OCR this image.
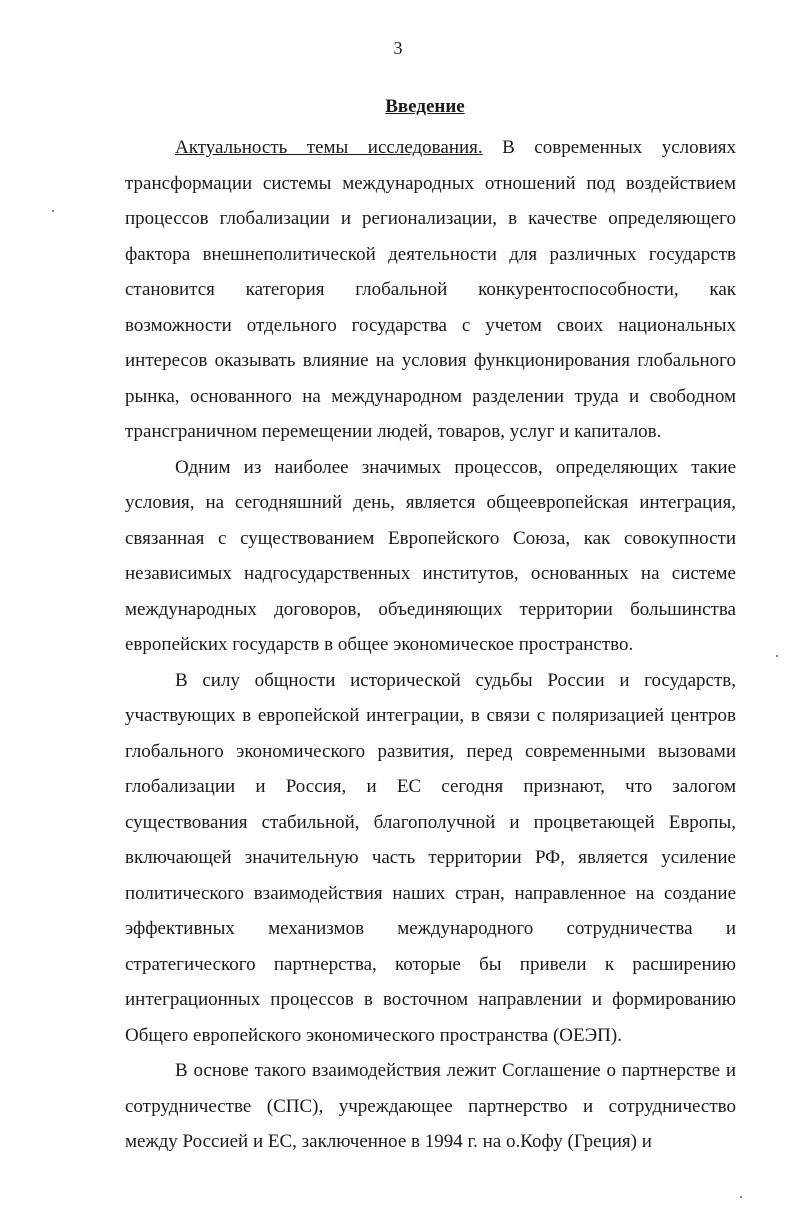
3
Введение

Актуальность темы исследования. В современных условиях трансформации системы международных отношений под воздействием процессов глобализации и регионализации, в качестве определяющего фактора внешнеполитической деятельности для различных государств становится категория глобальной конкурентоспособности, как возможности отдельного государства с учетом своих национальных интересов оказывать влияние на условия функционирования глобального рынка, основанного на международном разделении труда и свободном трансграничном перемещении людей, товаров, услуг и капиталов.

Одним из наиболее значимых процессов, определяющих такие условия, на сегодняшний день, является общеевропейская интеграция, связанная с существованием Европейского Союза, как совокупности независимых надгосударственных институтов, основанных на системе международных договоров, объединяющих территории большинства европейских государств в общее экономическое пространство.

В силу общности исторической судьбы России и государств, участвующих в европейской интеграции, в связи с поляризацией центров глобального экономического развития, перед современными вызовами глобализации и Россия, и ЕС сегодня признают, что залогом существования стабильной, благополучной и процветающей Европы, включающей значительную часть территории РФ, является усиление политического взаимодействия наших стран, направленное на создание эффективных механизмов международного сотрудничества и стратегического партнерства, которые бы привели к расширению интеграционных процессов в восточном направлении и формированию Общего европейского экономического пространства (ОЕЭП).

В основе такого взаимодействия лежит Соглашение о партнерстве и сотрудничестве (СПС), учреждающее партнерство и сотрудничество между Россией и ЕС, заключенное в 1994 г. на о.Кофу (Греция) и
